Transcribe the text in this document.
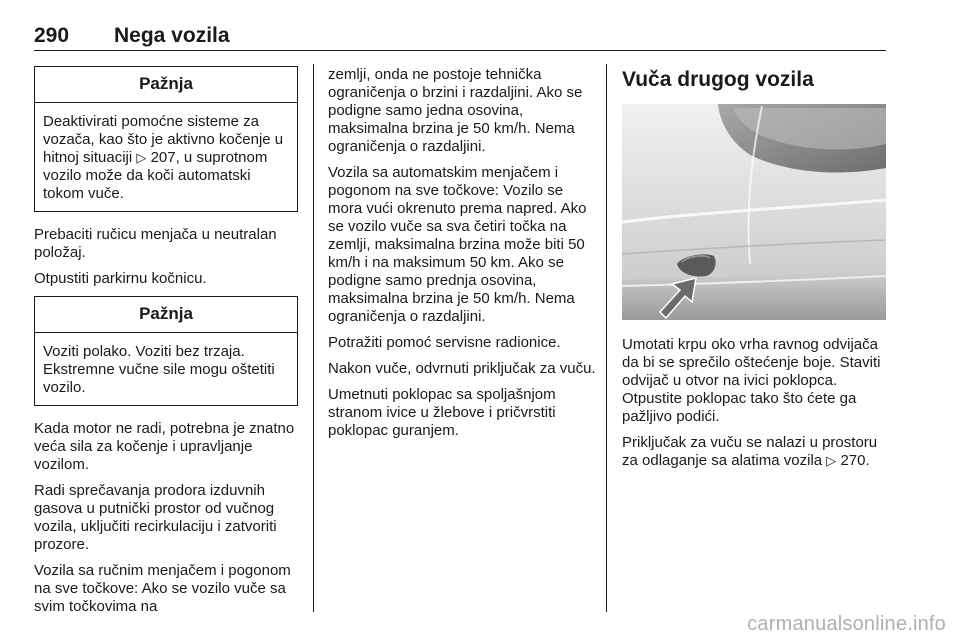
290 Nega vozila
Pažnja
Deaktivirati pomoćne sisteme za vozača, kao što je aktivno kočenje u hitnoj situaciji ▷ 207, u suprotnom vozilo može da koči automatski tokom vuče.

Prebaciti ručicu menjača u neutralan položaj.

Otpustiti parkirnu kočnicu.

Pažnja
Voziti polako. Voziti bez trzaja. Ekstremne vučne sile mogu oštetiti vozilo.

Kada motor ne radi, potrebna je znatno veća sila za kočenje i upravljanje vozilom.

Radi sprečavanja prodora izduvnih gasova u putnički prostor od vučnog vozila, uključiti recirkulaciju i zatvoriti prozore.

Vozila sa ručnim menjačem i pogonom na sve točkove: Ako se vozilo vuče sa svim točkovima na

zemlji, onda ne postoje tehnička ograničenja o brzini i razdaljini. Ako se podigne samo jedna osovina, maksimalna brzina je 50 km/h. Nema ograničenja o razdaljini.

Vozila sa automatskim menjačem i pogonom na sve točkove: Vozilo se mora vući okrenuto prema napred. Ako se vozilo vuče sa sva četiri točka na zemlji, maksimalna brzina može biti 50 km/h i na maksimum 50 km. Ako se podigne samo prednja osovina, maksimalna brzina je 50 km/h. Nema ograničenja o razdaljini.

Potražiti pomoć servisne radionice.

Nakon vuče, odvrnuti priključak za vuču.

Umetnuti poklopac sa spoljašnjom stranom ivice u žlebove i pričvrstiti poklopac guranjem.

Vuča drugog vozila

Umotati krpu oko vrha ravnog odvijača da bi se sprečilo oštećenje boje. Staviti odvijač u otvor na ivici poklopca. Otpustite poklopac tako što ćete ga pažljivo podići.

Priključak za vuču se nalazi u prostoru za odlaganje sa alatima vozila ▷ 270.

carmanualsonline.info
